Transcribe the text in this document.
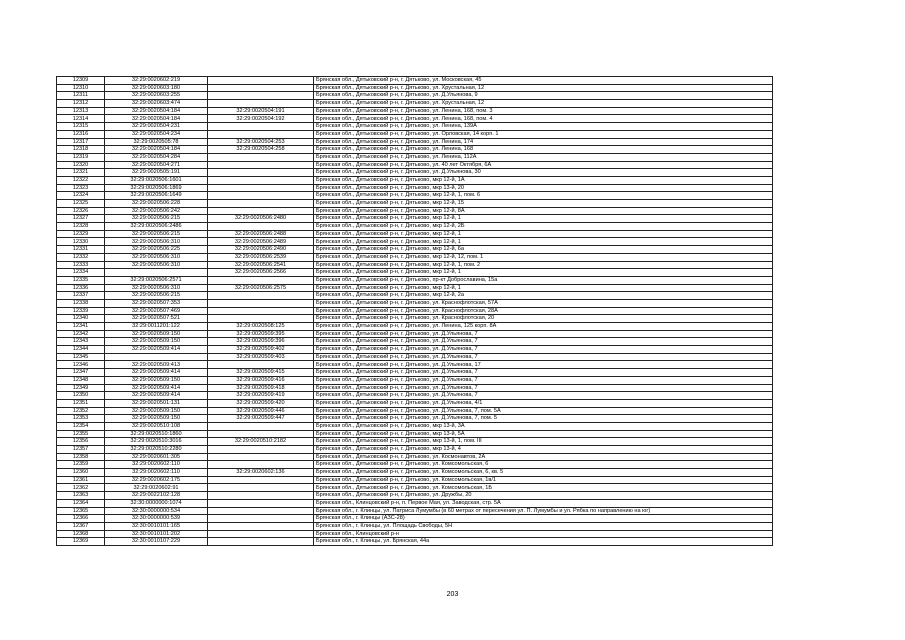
12309	32:29:0020602:219		Брянская обл., Дятьковский р-н, г. Дятьково, ул. Московская, 45
12310	32:29:0020603:180		Брянская обл., Дятьковский р-н, г. Дятьково, ул. Хрустальная, 12
12311	32:29:0020603:255		Брянская обл., Дятьковский р-н, г. Дятьково, ул. Д.Ульянова, 9
12312	32:29:0020603:474		Брянская обл., Дятьковский р-н, г. Дятьково, ул. Хрустальная, 12
12313	32:29:0020504:184	32:29:0020504:191	Брянская обл., Дятьковский р-н, г. Дятьково, ул. Ленина, 168, пом. 3
12314	32:29:0020504:184	32:29:0020504:192	Брянская обл., Дятьковский р-н, г. Дятьково, ул. Ленина, 168, пом. 4
12315	32:29:0020504:231		Брянская обл., Дятьковский р-н, г. Дятьково, ул. Ленина, 139А
12316	32:29:0020504:234		Брянская обл., Дятьковский р-н, г. Дятьково, ул. Орловская, 14 корп. 1
12317	32:29:0020505:78	32:29:0020504:253	Брянская обл., Дятьковский р-н, г. Дятьково, ул. Ленина, 174
12318	32:29:0020504:184	32:29:0020504:258	Брянская обл., Дятьковский р-н, г. Дятьково, ул. Ленина, 168
12319	32:29:0020504:284		Брянская обл., Дятьковский р-н, г. Дятьково, ул. Ленина, 112А
12320	32:29:0020504:271		Брянская обл., Дятьковский р-н, г. Дятьково, ул. 40 лет Октября, 6А
12321	32:29:0020505:191		Брянская обл., Дятьковский р-н, г. Дятьково, ул. Д.Ульянова, 30
12322	32:29:0020506:1601		Брянская обл., Дятьковский р-н, г. Дятьково, мкр 12-й, 1А
12323	32:29:0020506:1869		Брянская обл., Дятьковский р-н, г. Дятьково, мкр 13-й, 20
12324	32:29:0020506:1649		Брянская обл., Дятьковский р-н, г. Дятьково, мкр 12-й, 1, пом. 6
12325	32:29:0020506:228		Брянская обл., Дятьковский р-н, г. Дятьково, мкр 12-й, 15
12326	32:29:0020506:242		Брянская обл., Дятьковский р-н, г. Дятьково, мкр 12-й, 8А
12327	32:29:0020506:215	32:29:0020506:2480	Брянская обл., Дятьковский р-н, г. Дятьково, мкр 12-й, 1
12328	32:29:0020506:2486		Брянская обл., Дятьковский р-н, г. Дятьково, мкр 12-й, 2Б
12329	32:29:0020506:215	32:29:0020506:2488	Брянская обл., Дятьковский р-н, г. Дятьково, мкр 12-й, 1
12330	32:29:0020506:310	32:29:0020506:2489	Брянская обл., Дятьковский р-н, г. Дятьково, мкр 12-й, 1
12331	32:29:0020506:225	32:29:0020506:2490	Брянская обл., Дятьковский р-н, г. Дятьково, мкр 12-й, 6а
12332	32:29:0020506:310	32:29:0020506:2539	Брянская обл., Дятьковский р-н, г. Дятьково, мкр 12-й, 12, пом. 1
12333	32:29:0020506:310	32:29:0020506:2541	Брянская обл., Дятьковский р-н, г. Дятьково, мкр 12-й, 1, пом. 2
12334		32:29:0020506:2566	Брянская обл., Дятьковский р-н, г. Дятьково, мкр 12-й, 1
12335	32:29:0020506:2571		Брянская обл., Дятьковский р-н, г. Дятьково, пр-кт Доброславина, 15а
12336	32:29:0020506:310	32:29:0020506:2575	Брянская обл., Дятьковский р-н, г. Дятьково, мкр 12-й, 1
12337	32:29:0020506:215		Брянская обл., Дятьковский р-н, г. Дятьково, мкр 12-й, 2а
12338	32:29:0020507:353		Брянская обл., Дятьковский р-н, г. Дятьково, ул. Краснофлотская, 57А
12339	32:29:0020507:469		Брянская обл., Дятьковский р-н, г. Дятьково, ул. Краснофлотская, 28А
12340	32:29:0020507:521		Брянская обл., Дятьковский р-н, г. Дятьково, ул. Краснофлотская, 20
12341	32:29:0011201:122	32:29:0020508:125	Брянская обл., Дятьковский р-н, г. Дятьково, ул. Ленина, 125 корп. 8А
12342	32:29:0020509:150	32:29:0020509:395	Брянская обл., Дятьковский р-н, г. Дятьково, ул. Д.Ульянова, 7
12343	32:29:0020509:150	32:29:0020509:396	Брянская обл., Дятьковский р-н, г. Дятьково, ул. Д.Ульянова, 7
12344	32:29:0020509:414	32:29:0020509:402	Брянская обл., Дятьковский р-н, г. Дятьково, ул. Д.Ульянова, 7
12345		32:29:0020509:403	Брянская обл., Дятьковский р-н, г. Дятьково, ул. Д.Ульянова, 7
12346	32:29:0020509:413		Брянская обл., Дятьковский р-н, г. Дятьково, ул. Д.Ульянова, 17
12347	32:29:0020509:414	32:29:0020509:415	Брянская обл., Дятьковский р-н, г. Дятьково, ул. Д.Ульянова, 7
12348	32:29:0020509:150	32:29:0020509:416	Брянская обл., Дятьковский р-н, г. Дятьково, ул. Д.Ульянова, 7
12349	32:29:0020509:414	32:29:0020509:418	Брянская обл., Дятьковский р-н, г. Дятьково, ул. Д.Ульянова, 7
12350	32:29:0020509:414	32:29:0020509:419	Брянская обл., Дятьковский р-н, г. Дятьково, ул. Д.Ульянова, 7
12351	32:29:0020501:131	32:29:0020509:420	Брянская обл., Дятьковский р-н, г. Дятьково, ул. Д.Ульянова, 4/1
12352	32:29:0020509:150	32:29:0020509:446	Брянская обл., Дятьковский р-н, г. Дятьково, ул. Д.Ульянова, 7, пом. 5А
12353	32:29:0020509:150	32:29:0020509:447	Брянская обл., Дятьковский р-н, г. Дятьково, ул. Д.Ульянова, 7, пом. 5
12354	32:29:0020510:108		Брянская обл., Дятьковский р-н, г. Дятьково, мкр 13-й, 3А
12355	32:29:0020510:1860		Брянская обл., Дятьковский р-н, г. Дятьково, мкр 13-й, 5А
12356	32:29:0020510:3016	32:29:0020510:2182	Брянская обл., Дятьковский р-н, г. Дятьково, мкр 13-й, 1, пом. III
12357	32:29:0020510:2280		Брянская обл., Дятьковский р-н, г. Дятьково, мкр 13-й, 4
12358	32:29:0020601:305		Брянская обл., Дятьковский р-н, г. Дятьково, ул. Космонавтов, 2А
12359	32:29:0020602:110		Брянская обл., Дятьковский р-н, г. Дятьково, ул. Комсомольская, 6
12360	32:29:0020602:110	32:29:0020602:136	Брянская обл., Дятьковский р-н, г. Дятьково, ул. Комсомольская, 6, кв. 5
12361	32:29:0020602:175		Брянская обл., Дятьковский р-н, г. Дятьково, ул. Комсомольская, 1в/1
12362	32:29:0020602:91		Брянская обл., Дятьковский р-н, г. Дятьково, ул. Комсомольская, 1Б
12363	32:29:0022102:128		Брянская обл., Дятьковский р-н, г. Дятьково, ул. Дружбы, 20
12364	32:30:0000000:1074		Брянская обл., Клинцовский р-н, п. Первое Мая, ул. Заводская, стр. 5А
12365	32:30:0000000:534		Брянская обл., г. Клинцы, ул. Патриса Лумумбы (в 60 метрах от пересечения ул. П. Лумумбы и ул. Рябка по направлению на юг)
12366	32:30:0000000:539		Брянская обл., г. Клинцы (АЗС-28)
12367	32:30:0010101:165		Брянская обл., г. Клинцы, ул. Площадь Свободы, 5Н
12368	32:30:0010101:202		Брянская обл., Клинцовский р-н
12369	32:30:0010107:229		Брянская обл., г. Клинцы, ул. Брянская, 44а
203
